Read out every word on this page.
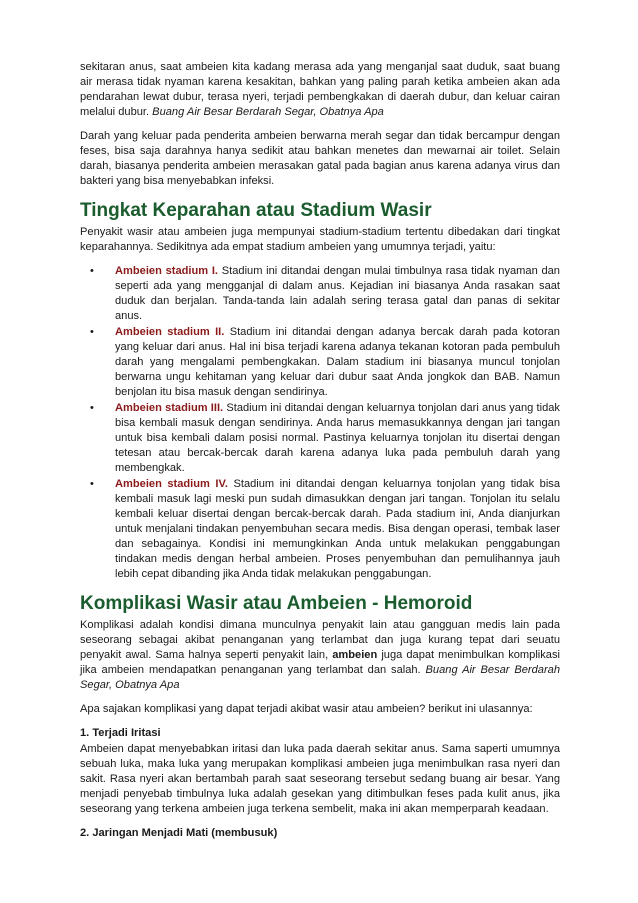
sekitaran anus, saat ambeien kita kadang merasa ada yang menganjal saat duduk, saat buang air merasa tidak nyaman karena kesakitan, bahkan yang paling parah ketika ambeien akan ada pendarahan lewat dubur, terasa nyeri, terjadi pembengkakan di daerah dubur, dan keluar cairan melalui dubur. Buang Air Besar Berdarah Segar, Obatnya Apa

Darah yang keluar pada penderita ambeien berwarna merah segar dan tidak bercampur dengan feses, bisa saja darahnya hanya sedikit atau bahkan menetes dan mewarnai air toilet. Selain darah, biasanya penderita ambeien merasakan gatal pada bagian anus karena adanya virus dan bakteri yang bisa menyebabkan infeksi.

Tingkat Keparahan atau Stadium Wasir

Penyakit wasir atau ambeien juga mempunyai stadium-stadium tertentu dibedakan dari tingkat keparahannya. Sedikitnya ada empat stadium ambeien yang umumnya terjadi, yaitu:

• Ambeien stadium I. Stadium ini ditandai dengan mulai timbulnya rasa tidak nyaman dan seperti ada yang mengganjal di dalam anus. Kejadian ini biasanya Anda rasakan saat duduk dan berjalan. Tanda-tanda lain adalah sering terasa gatal dan panas di sekitar anus.
• Ambeien stadium II. Stadium ini ditandai dengan adanya bercak darah pada kotoran yang keluar dari anus. Hal ini bisa terjadi karena adanya tekanan kotoran pada pembuluh darah yang mengalami pembengkakan. Dalam stadium ini biasanya muncul tonjolan berwarna ungu kehitaman yang keluar dari dubur saat Anda jongkok dan BAB. Namun benjolan itu bisa masuk dengan sendirinya.
• Ambeien stadium III. Stadium ini ditandai dengan keluarnya tonjolan dari anus yang tidak bisa kembali masuk dengan sendirinya. Anda harus memasukkannya dengan jari tangan untuk bisa kembali dalam posisi normal. Pastinya keluarnya tonjolan itu disertai dengan tetesan atau bercak-bercak darah karena adanya luka pada pembuluh darah yang membengkak.
• Ambeien stadium IV. Stadium ini ditandai dengan keluarnya tonjolan yang tidak bisa kembali masuk lagi meski pun sudah dimasukkan dengan jari tangan. Tonjolan itu selalu kembali keluar disertai dengan bercak-bercak darah. Pada stadium ini, Anda dianjurkan untuk menjalani tindakan penyembuhan secara medis. Bisa dengan operasi, tembak laser dan sebagainya. Kondisi ini memungkinkan Anda untuk melakukan penggabungan tindakan medis dengan herbal ambeien. Proses penyembuhan dan pemulihannya jauh lebih cepat dibanding jika Anda tidak melakukan penggabungan.
Komplikasi Wasir atau Ambeien - Hemoroid

Komplikasi adalah kondisi dimana munculnya penyakit lain atau gangguan medis lain pada seseorang sebagai akibat penanganan yang terlambat dan juga kurang tepat dari seuatu penyakit awal. Sama halnya seperti penyakit lain, ambeien juga dapat menimbulkan komplikasi jika ambeien mendapatkan penanganan yang terlambat dan salah. Buang Air Besar Berdarah Segar, Obatnya Apa

Apa sajakan komplikasi yang dapat terjadi akibat wasir atau ambeien? berikut ini ulasannya:

1. Terjadi Iritasi

Ambeien dapat menyebabkan iritasi dan luka pada daerah sekitar anus. Sama saperti umumnya sebuah luka, maka luka yang merupakan komplikasi ambeien juga menimbulkan rasa nyeri dan sakit. Rasa nyeri akan bertambah parah saat seseorang tersebut sedang buang air besar. Yang menjadi penyebab timbulnya luka adalah gesekan yang ditimbulkan feses pada kulit anus, jika seseorang yang terkena ambeien juga terkena sembelit, maka ini akan memperparah keadaan.

2. Jaringan Menjadi Mati (membusuk)
